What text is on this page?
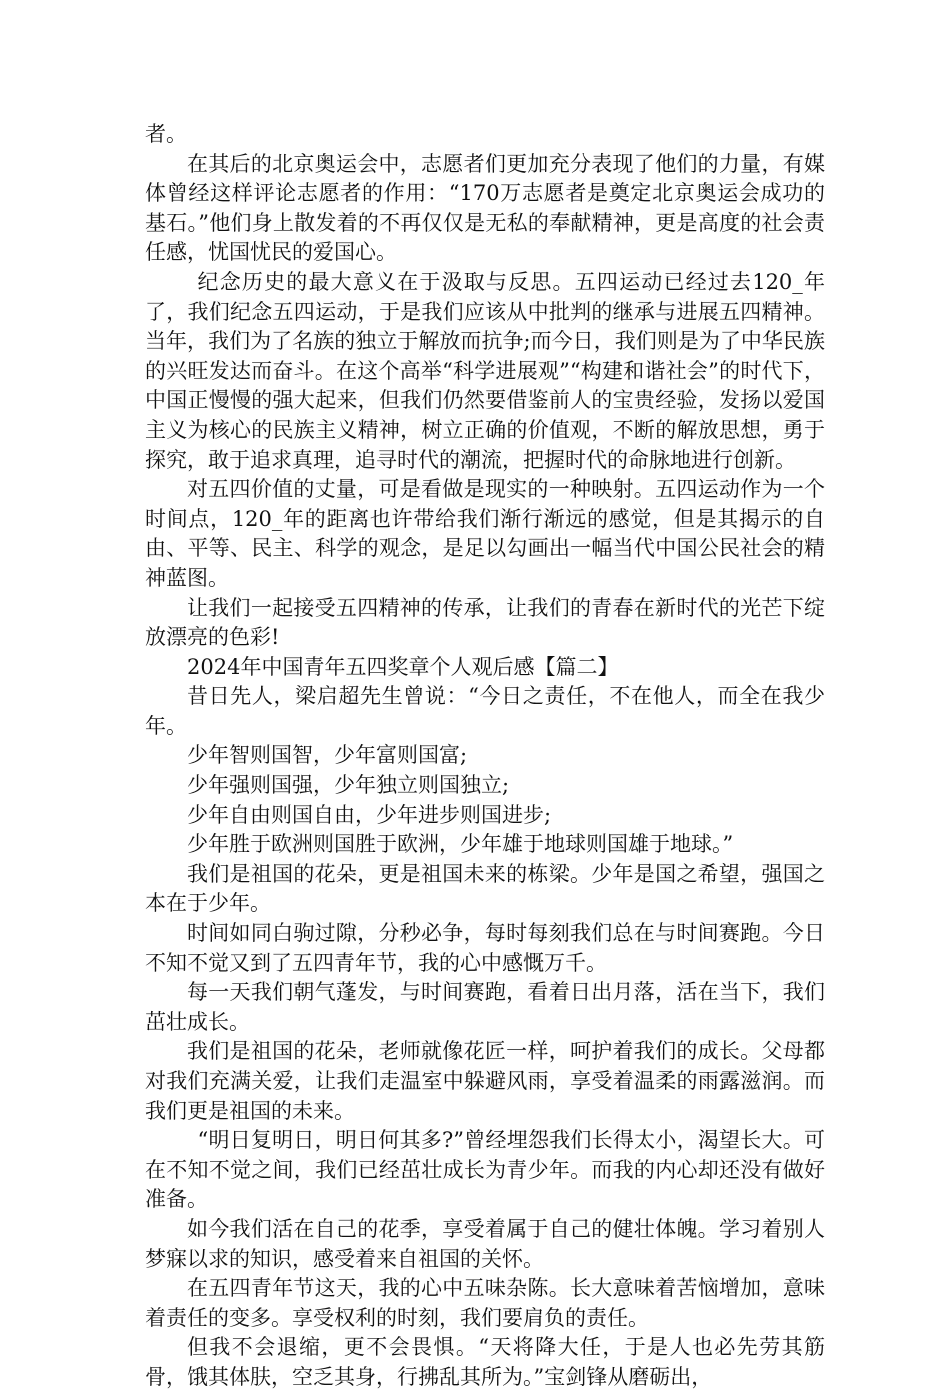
者。

在其后的北京奥运会中，志愿者们更加充分表现了他们的力量，有媒体曾经这样评论志愿者的作用：“170万志愿者是奠定北京奥运会成功的基石。”他们身上散发着的不再仅仅是无私的奉献精神，更是高度的社会责任感，忧国忧民的爱国心。

纪念历史的最大意义在于汲取与反思。五四运动已经过去120_年了，我们纪念五四运动，于是我们应该从中批判的继承与进展五四精神。当年，我们为了名族的独立于解放而抗争;而今日，我们则是为了中华民族的兴旺发达而奋斗。在这个高举“科学进展观”“构建和谐社会”的时代下，中国正慢慢的强大起来，但我们仍然要借鉴前人的宝贵经验，发扬以爱国主义为核心的民族主义精神，树立正确的价值观，不断的解放思想，勇于探究，敢于追求真理，追寻时代的潮流，把握时代的命脉地进行创新。

对五四价值的丈量，可是看做是现实的一种映射。五四运动作为一个时间点，120_年的距离也许带给我们渐行渐远的感觉，但是其揭示的自由、平等、民主、科学的观念，是足以勾画出一幅当代中国公民社会的精神蓝图。

让我们一起接受五四精神的传承，让我们的青春在新时代的光芒下绽放漂亮的色彩!

2024年中国青年五四奖章个人观后感【篇二】

昔日先人，梁启超先生曾说：“今日之责任，不在他人，而全在我少年。

少年智则国智，少年富则国富;

少年强则国强，少年独立则国独立;

少年自由则国自由，少年进步则国进步;

少年胜于欧洲则国胜于欧洲，少年雄于地球则国雄于地球。”

我们是祖国的花朵，更是祖国未来的栋梁。少年是国之希望，强国之本在于少年。

时间如同白驹过隙，分秒必争，每时每刻我们总在与时间赛跑。今日不知不觉又到了五四青年节，我的心中感慨万千。

每一天我们朝气蓬发，与时间赛跑，看着日出月落，活在当下，我们茁壮成长。

我们是祖国的花朵，老师就像花匠一样，呵护着我们的成长。父母都对我们充满关爱，让我们走温室中躲避风雨，享受着温柔的雨露滋润。而我们更是祖国的未来。

“明日复明日，明日何其多?”曾经埋怨我们长得太小，渴望长大。可在不知不觉之间，我们已经茁壮成长为青少年。而我的内心却还没有做好准备。

如今我们活在自己的花季，享受着属于自己的健壮体魄。学习着别人梦寐以求的知识，感受着来自祖国的关怀。

在五四青年节这天，我的心中五味杂陈。长大意味着苦恼增加，意味着责任的变多。享受权利的时刻，我们要肩负的责任。

但我不会退缩，更不会畏惧。“天将降大任，于是人也必先劳其筋骨，饿其体肤，空乏其身，行拂乱其所为。”宝剑锋从磨砺出，
